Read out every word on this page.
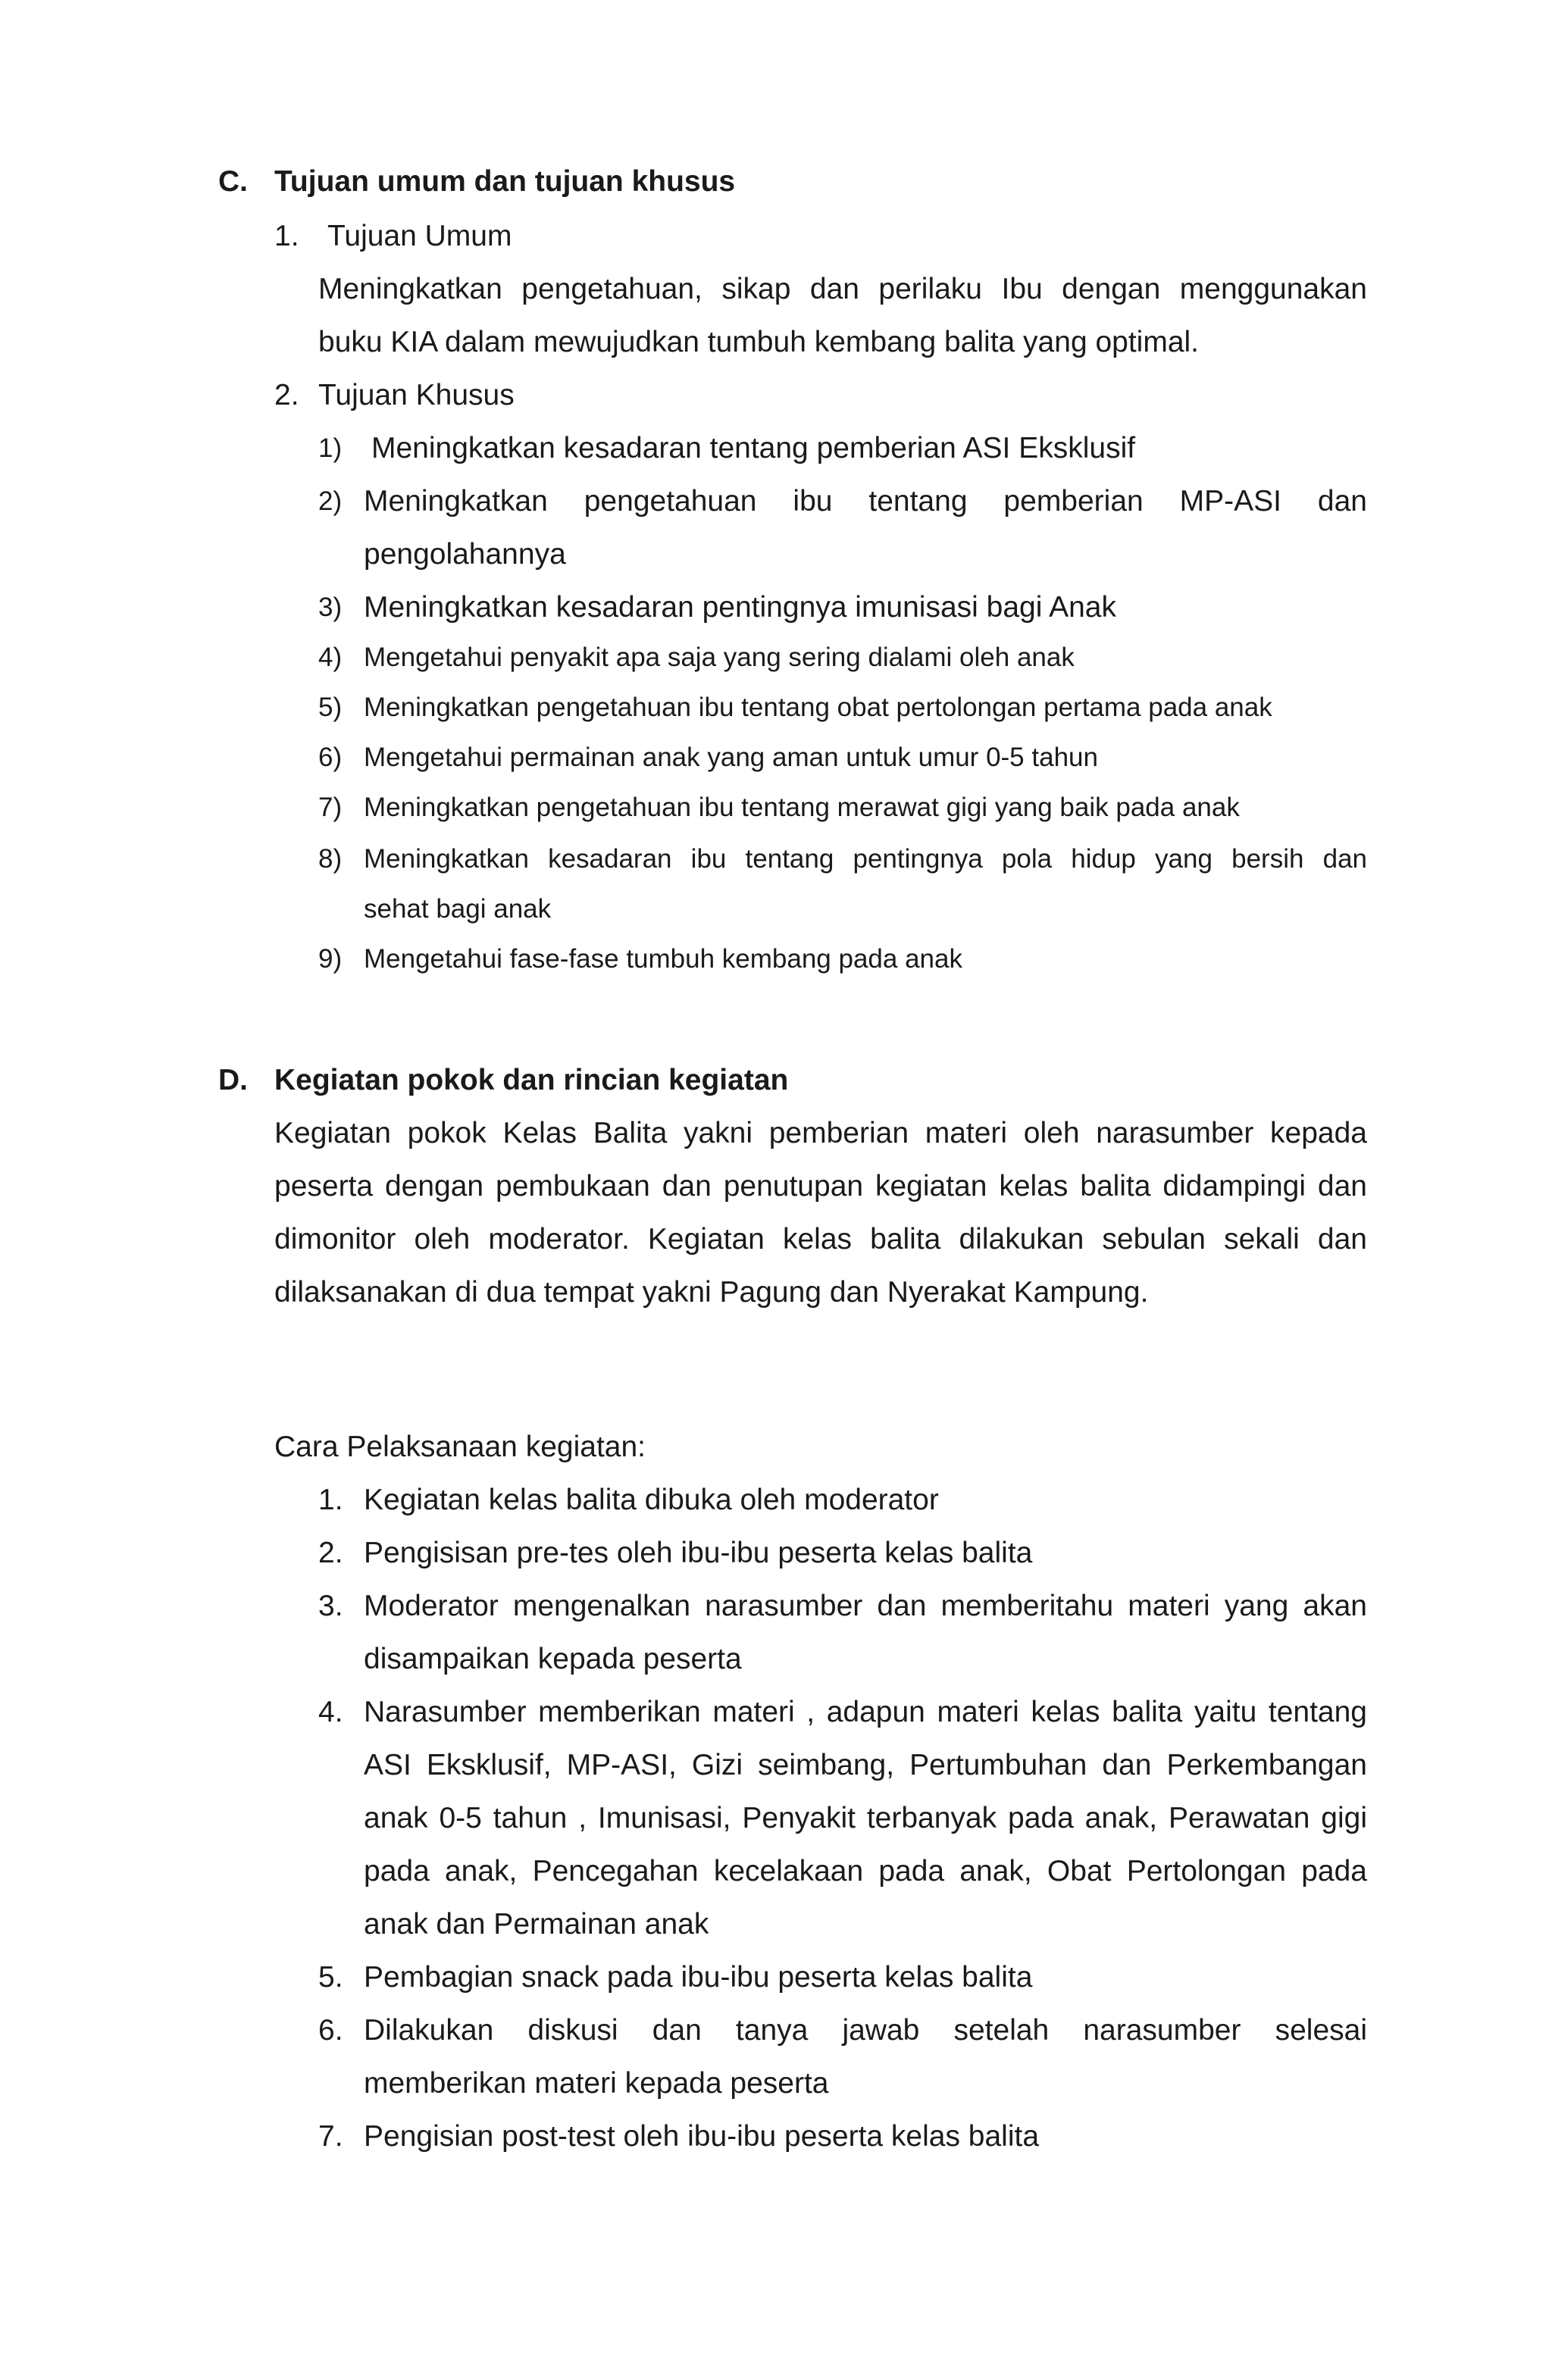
C. Tujuan umum dan tujuan khusus
1. Tujuan Umum
Meningkatkan pengetahuan, sikap dan perilaku Ibu dengan menggunakan
buku KIA dalam mewujudkan tumbuh kembang balita yang optimal.
2. Tujuan Khusus
1) Meningkatkan kesadaran tentang pemberian ASI Eksklusif
2) Meningkatkan pengetahuan ibu tentang pemberian MP-ASI dan
pengolahannya
3) Meningkatkan kesadaran pentingnya imunisasi bagi Anak
4) Mengetahui penyakit apa saja yang sering dialami oleh anak
5) Meningkatkan pengetahuan ibu tentang obat pertolongan pertama pada anak
6) Mengetahui permainan anak yang aman untuk umur 0-5 tahun
7) Meningkatkan pengetahuan ibu tentang merawat gigi yang baik pada anak
8) Meningkatkan kesadaran ibu tentang pentingnya pola hidup yang bersih dan
sehat bagi anak
9) Mengetahui fase-fase tumbuh kembang pada anak
D. Kegiatan pokok dan rincian kegiatan
Kegiatan pokok Kelas Balita yakni pemberian materi oleh narasumber kepada
peserta dengan pembukaan dan penutupan kegiatan kelas balita didampingi dan
dimonitor oleh moderator. Kegiatan kelas balita dilakukan sebulan sekali dan
dilaksanakan di dua tempat yakni Pagung dan Nyerakat Kampung.
Cara Pelaksanaan kegiatan:
1. Kegiatan kelas balita dibuka oleh moderator
2. Pengisisan pre-tes oleh ibu-ibu peserta kelas balita
3. Moderator mengenalkan narasumber dan memberitahu materi yang akan
disampaikan kepada peserta
4. Narasumber memberikan materi , adapun materi kelas balita yaitu tentang
ASI Eksklusif, MP-ASI, Gizi seimbang, Pertumbuhan dan Perkembangan
anak 0-5 tahun , Imunisasi, Penyakit terbanyak pada anak, Perawatan gigi
pada anak, Pencegahan kecelakaan pada anak, Obat Pertolongan pada
anak dan Permainan anak
5. Pembagian snack pada ibu-ibu peserta kelas balita
6. Dilakukan diskusi dan tanya jawab setelah narasumber selesai
memberikan materi kepada peserta
7. Pengisian post-test oleh ibu-ibu peserta kelas balita
